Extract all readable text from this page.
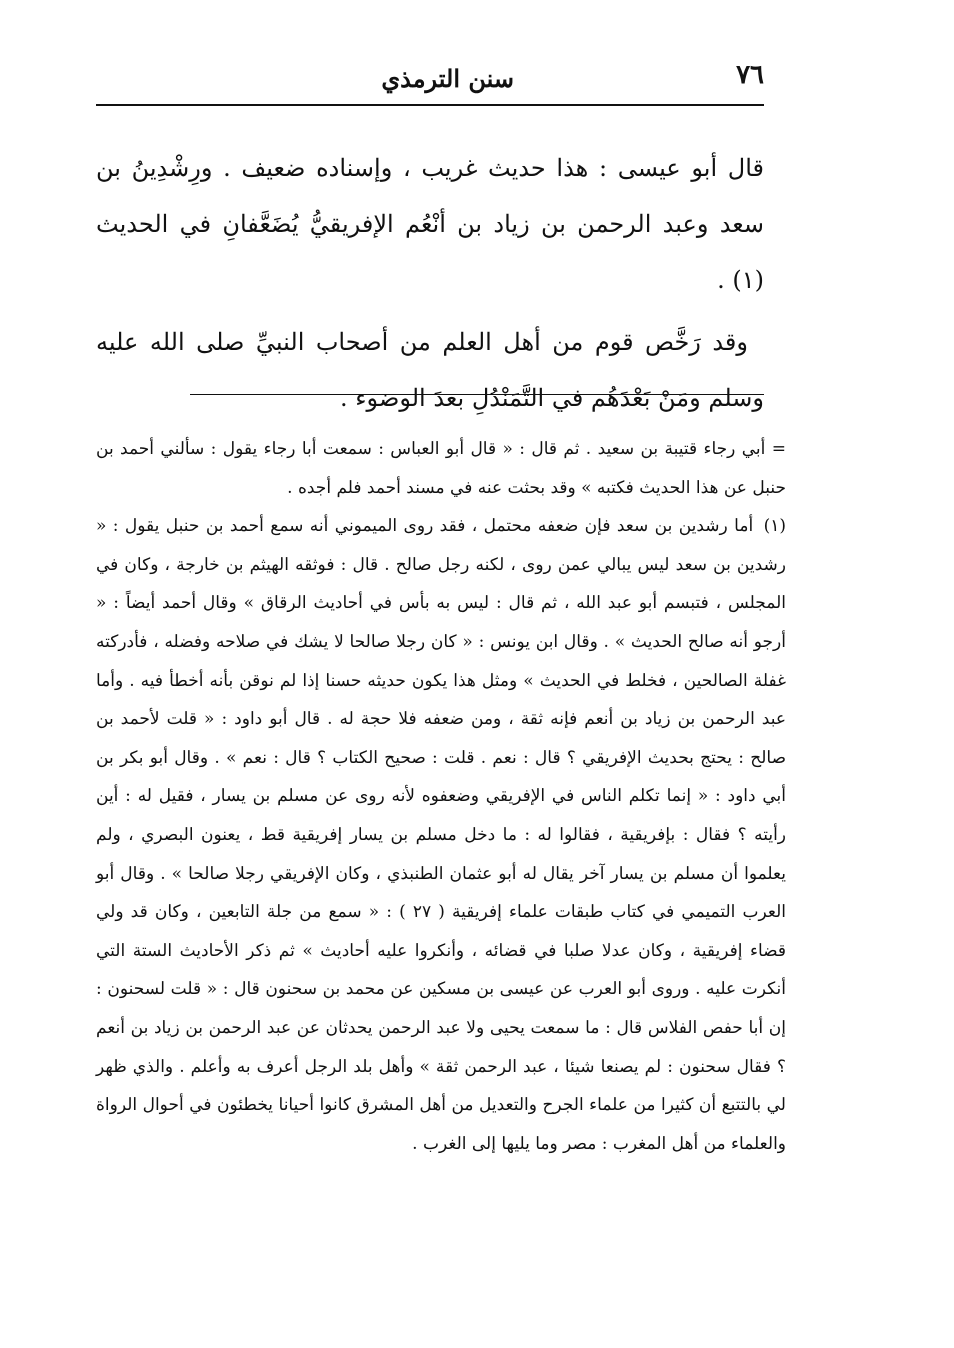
٧٦
سنن الترمذي

قال أبو عيسى : هذا حديث غريب ، وإسناده ضعيف . ورِشْدِينُ بن سعد وعبد الرحمن بن زياد بن أنْعُم الإفريقيُّ يُضَعَّفانِ في الحديث (١) .

وقد رَخَّص قوم من أهل العلم من أصحاب النبيِّ صلى الله عليه وسلم ومَنْ بَعْدَهُم في التَّمَنْدُلِ بعدَ الوضوء .

= أبي رجاء قتيبة بن سعيد . ثم قال : « قال أبو العباس : سمعت أبا رجاء يقول : سألني أحمد بن حنبل عن هذا الحديث فكتبه » وقد بحثت عنه في مسند أحمد فلم أجده .

(١) أما رشدين بن سعد فإن ضعفه محتمل ، فقد روى الميموني أنه سمع أحمد بن حنبل يقول : « رشدين بن سعد ليس يبالي عمن روى ، لكنه رجل صالح . قال : فوثقه الهيثم بن خارجة ، وكان في المجلس ، فتبسم أبو عبد الله ، ثم قال : ليس به بأس في أحاديث الرقاق » وقال أحمد أيضاً : « أرجو أنه صالح الحديث » . وقال ابن يونس : « كان رجلا صالحا لا يشك في صلاحه وفضله ، فأدركته غفلة الصالحين ، فخلط في الحديث » ومثل هذا يكون حديثه حسنا إذا لم نوقن بأنه أخطأ فيه . وأما عبد الرحمن بن زياد بن أنعم فإنه ثقة ، ومن ضعفه فلا حجة له . قال أبو داود : « قلت لأحمد بن صالح : يحتج بحديث الإفريقي ؟ قال : نعم . قلت : صحيح الكتاب ؟ قال : نعم » . وقال أبو بكر بن أبي داود : « إنما تكلم الناس في الإفريقي وضعفوه لأنه روى عن مسلم بن يسار ، فقيل له : أين رأيته ؟ فقال : بإفريقية ، فقالوا له : ما دخل مسلم بن يسار إفريقية قط ، يعنون البصري ، ولم يعلموا أن مسلم بن يسار آخر يقال له أبو عثمان الطنبذي ، وكان الإفريقي رجلا صالحا » . وقال أبو العرب التميمي في كتاب طبقات علماء إفريقية ( ٢٧ ) : « سمع من جلة التابعين ، وكان قد ولي قضاء إفريقية ، وكان عدلا صلبا في قضائه ، وأنكروا عليه أحاديث » ثم ذكر الأحاديث الستة التي أنكرت عليه . وروى أبو العرب عن عيسى بن مسكين عن محمد بن سحنون قال : « قلت لسحنون : إن أبا حفص الفلاس قال : ما سمعت يحيى ولا عبد الرحمن يحدثان عن عبد الرحمن بن زياد بن أنعم ؟ فقال سحنون : لم يصنعا شيئا ، عبد الرحمن ثقة » وأهل بلد الرجل أعرف به وأعلم . والذي ظهر لي بالتتبع أن كثيرا من علماء الجرح والتعديل من أهل المشرق كانوا أحيانا يخطئون في أحوال الرواة والعلماء من أهل المغرب : مصر وما يليها إلى الغرب .
